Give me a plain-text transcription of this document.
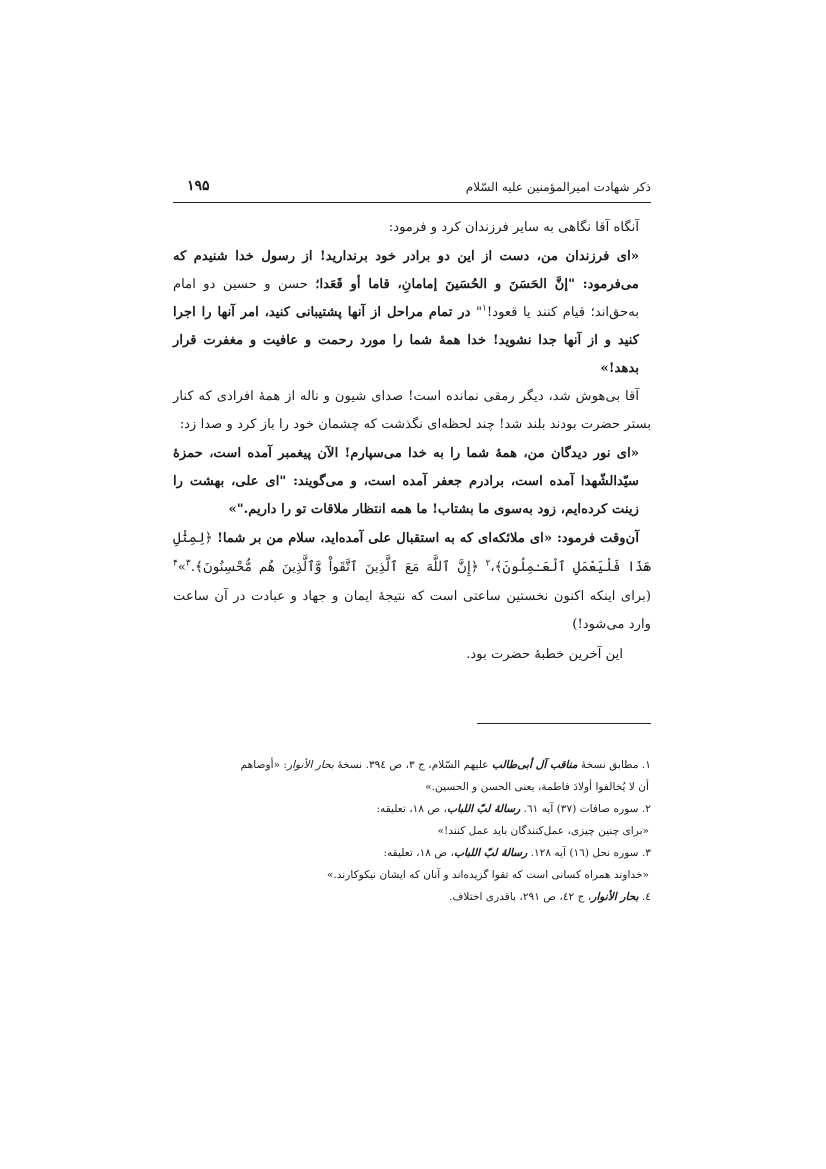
ذکر شهادت امیرالمؤمنین علیه السّلام
۱۹۵

آنگاه آقا نگاهی به سایر فرزندان کرد و فرمود:

«ای فرزندان من، دست از این دو برادر خود برندارید! از رسول خدا شنیدم که می‌فرمود: "إنَّ الحَسَنَ و الحُسَینَ إمامانِ، قاما أو قَعَدا؛ حسن و حسین دو امام به‌حق‌اند؛ قیام کنند یا قعود!$^۱$" در تمام مراحل از آنها پشتیبانی کنید، امر آنها را اجرا کنید و از آنها جدا نشوید! خدا همهٔ شما را مورد رحمت و عافیت و مغفرت قرار بدهد!»

آقا بی‌هوش شد، دیگر رمقی نمانده است! صدای شیون و ناله از همهٔ افرادی که کنار بستر حضرت بودند بلند شد! چند لحظه‌ای نگذشت که چشمان خود را باز کرد و صدا زد:

«ای نور دیدگان من، همهٔ شما را به خدا می‌سپارم! الآن پیغمبر آمده است، حمزهٔ سیّدالشّهدا آمده است، برادرم جعفر آمده است، و می‌گویند: "ای علی، بهشت را زینت کرده‌ایم، زود به‌سوی ما بشتاب! ما همه انتظار ملاقات تو را داریم."»

آن‌وقت فرمود: «ای ملائکه‌ای که به استقبال علی آمده‌اید، سلام من بر شما! ﴿لِمِثْلِ هَذَا فَلْيَعْمَلِ ٱلْعَـٰمِلُونَ﴾،$^۲$ ﴿إِنَّ ٱللَّهَ مَعَ ٱلَّذِينَ ٱتَّقَواْ وَّٱلَّذِينَ هُم مُّحْسِنُونَ﴾.$^۳$»$^۴$ (برای اینکه اکنون نخستین ساعتی است که نتیجهٔ ایمان و جهاد و عبادت در آن ساعت وارد می‌شود!)

این آخرین خطبهٔ حضرت بود.

۱. مطابق نسخهٔ مناقب آل أبی‌طالب علیهم السّلام، ج ۳، ص ۳۹٤. نسخهٔ بحار الأنوار: «أوصاهم
أن لا یُخالفوا أولادَ فاطمة، یعنی الحسن و الحسین.»
۲. سوره صافات (۳۷) آیه ٦۱. رسالهٔ لبّ اللباب، ص ۱۸، تعلیقه:
«برای چنین چیزی، عمل‌کنندگان باید عمل کنند!»
۳. سوره نحل (۱٦) آیه ۱۲۸. رسالهٔ لبّ اللباب، ص ۱۸، تعلیقه:
«خداوند همراه کسانی است که تقوا گزیده‌اند و آنان که ایشان نیکوکارند.»
٤. بحار الأنوار، ج ٤۲، ص ۲۹۱، باقدری اختلاف.
